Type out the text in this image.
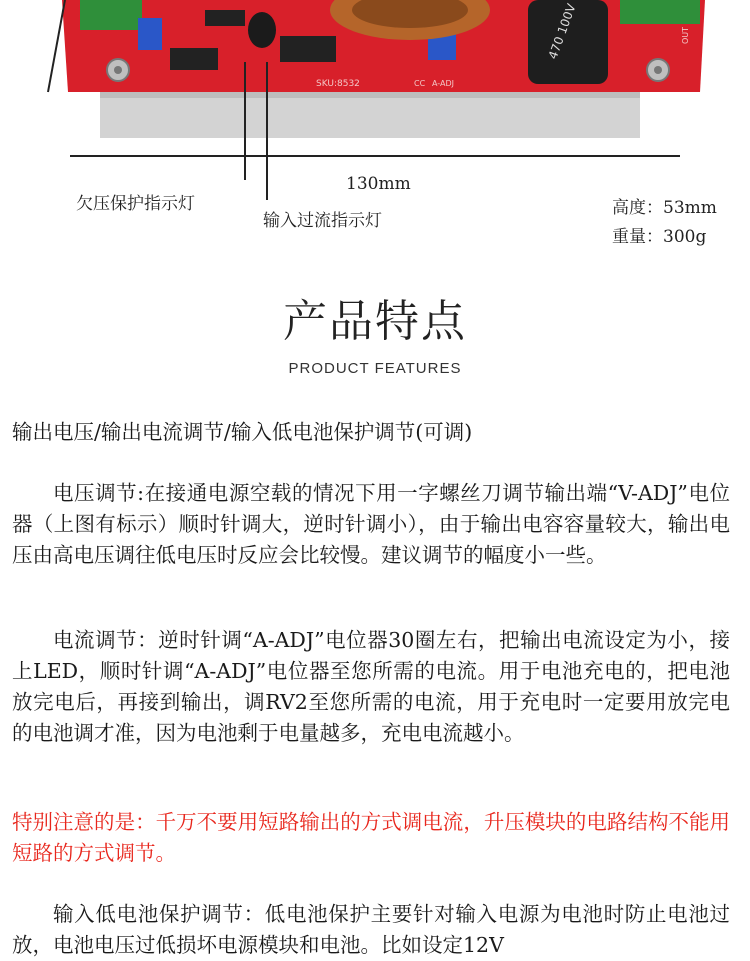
470 100V
SKU:8532	CC A-ADJ
OUT
130mm
欠压保护指示灯
输入过流指示灯
高度：53mm
重量：300g
产品特点
PRODUCT FEATURES
输出电压/输出电流调节/输入低电池保护调节(可调)
电压调节:在接通电源空载的情况下用一字螺丝刀调节输出端“V-ADJ”电位器（上图有标示）顺时针调大，逆时针调小），由于输出电容容量较大，输出电压由高电压调往低电压时反应会比较慢。建议调节的幅度小一些。
电流调节：逆时针调“A-ADJ”电位器30圈左右，把输出电流设定为小，接上LED，顺时针调“A-ADJ”电位器至您所需的电流。用于电池充电的，把电池放完电后，再接到输出，调RV2至您所需的电流，用于充电时一定要用放完电的电池调才准，因为电池剩于电量越多，充电电流越小。
特别注意的是：千万不要用短路输出的方式调电流，升压模块的电路结构不能用短路的方式调节。
输入低电池保护调节：低电池保护主要针对输入电源为电池时防止电池过放，电池电压过低损坏电源模块和电池。比如设定12V
